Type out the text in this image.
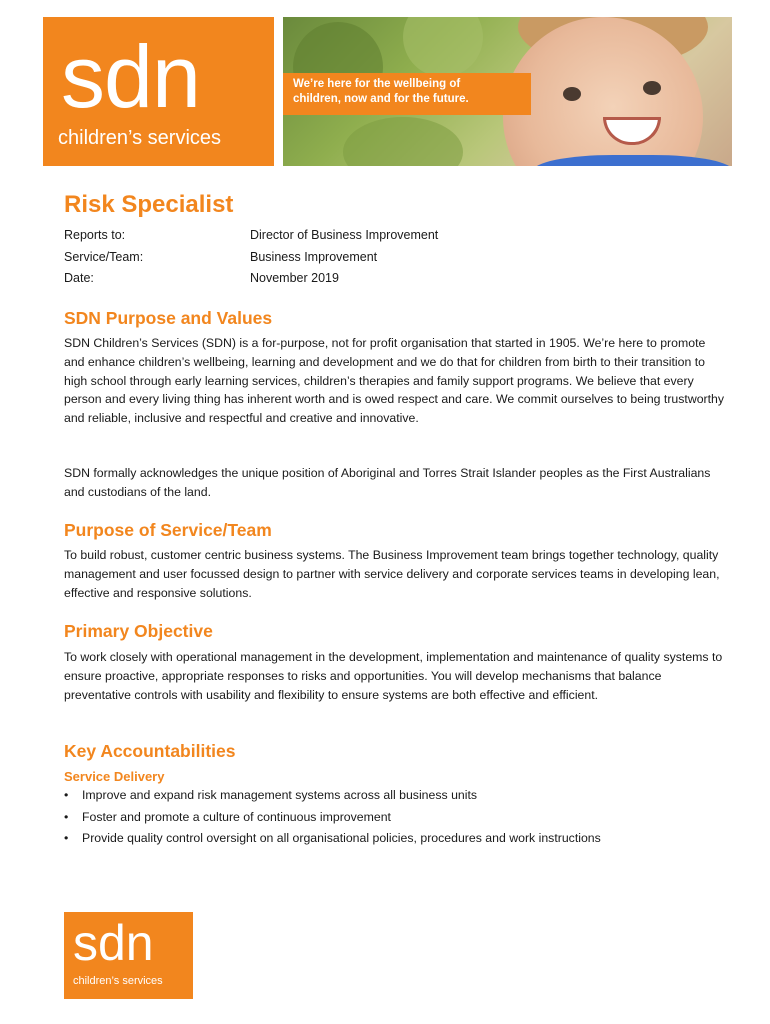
sdn
children’s services
We’re here for the wellbeing of
children, now and for the future.
Risk Specialist
Reports to:	Director of Business Improvement
Service/Team:	Business Improvement
Date:	November 2019
SDN Purpose and Values

SDN Children’s Services (SDN) is a for-purpose, not for profit organisation that started in 1905. We’re here to promote and enhance children’s wellbeing, learning and development and we do that for children from birth to their transition to high school through early learning services, children’s therapies and family support programs. We believe that every person and every living thing has inherent worth and is owed respect and care. We commit ourselves to being trustworthy and reliable, inclusive and respectful and creative and innovative.

SDN formally acknowledges the unique position of Aboriginal and Torres Strait Islander peoples as the First Australians and custodians of the land.

Purpose of Service/Team

To build robust, customer centric business systems. The Business Improvement team brings together technology, quality management and user focussed design to partner with service delivery and corporate services teams in developing lean, effective and responsive solutions.

Primary Objective

To work closely with operational management in the development, implementation and maintenance of quality systems to ensure proactive, appropriate responses to risks and opportunities. You will develop mechanisms that balance preventative controls with usability and flexibility to ensure systems are both effective and efficient.

Key Accountabilities
Service Delivery
•	Improve and expand risk management systems across all business units
•	Foster and promote a culture of continuous improvement
•	Provide quality control oversight on all organisational policies, procedures and work instructions
sdn
children’s services
